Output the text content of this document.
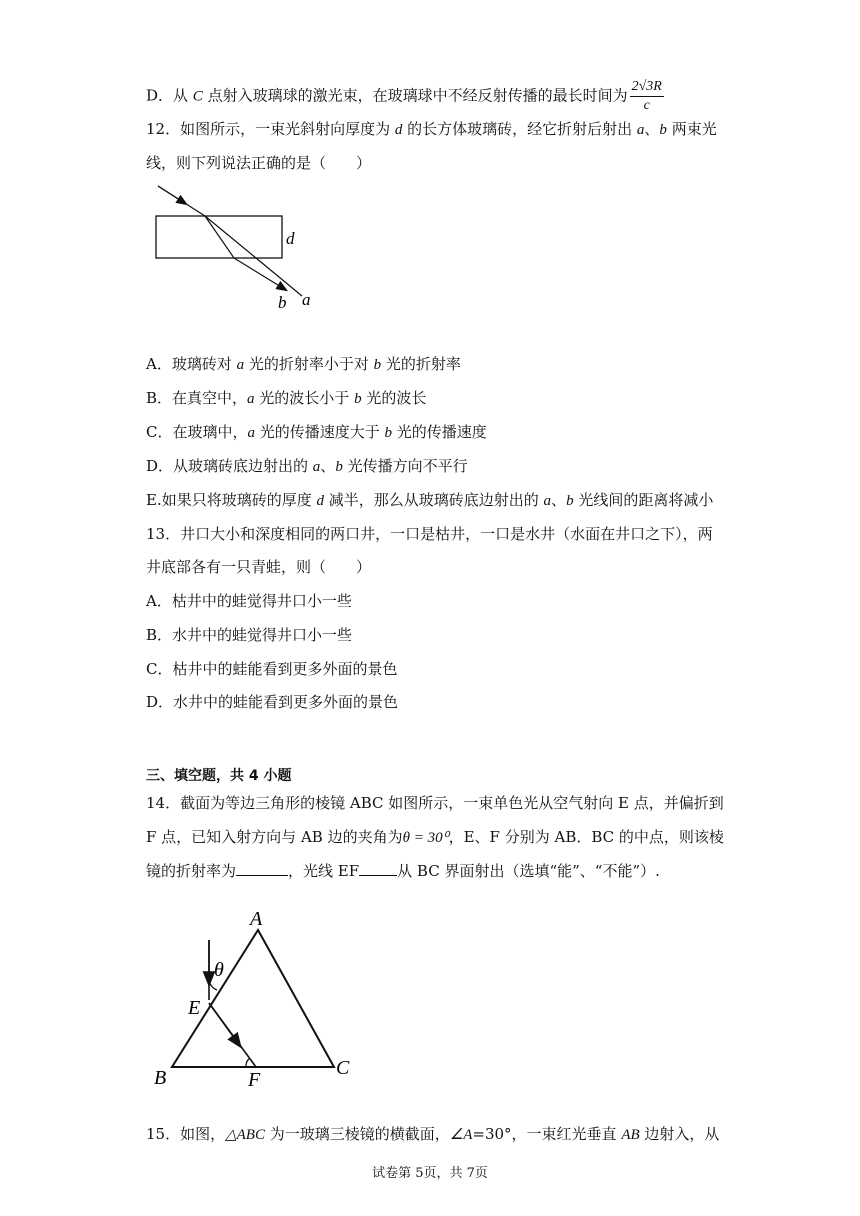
D．从 C 点射入玻璃球的激光束，在玻璃球中不经反射传播的最长时间为 $\frac{2√3R}{c}$
12．如图所示，一束光斜射向厚度为 d 的长方体玻璃砖，经它折射后射出 a、b 两束光
线，则下列说法正确的是（　　）
d
b a
A．玻璃砖对 a 光的折射率小于对 b 光的折射率
B．在真空中，a 光的波长小于 b 光的波长
C．在玻璃中，a 光的传播速度大于 b 光的传播速度
D．从玻璃砖底边射出的 a、b 光传播方向不平行
E.如果只将玻璃砖的厚度 d 减半，那么从玻璃砖底边射出的 a、b 光线间的距离将减小
13．井口大小和深度相同的两口井，一口是枯井，一口是水井（水面在井口之下），两
井底部各有一只青蛙，则（　　）
A．枯井中的蛙觉得井口小一些
B．水井中的蛙觉得井口小一些
C．枯井中的蛙能看到更多外面的景色
D．水井中的蛙能看到更多外面的景色
三、填空题，共 4 小题
14．截面为等边三角形的棱镜 ABC 如图所示，一束单色光从空气射向 E 点，并偏折到
F 点，已知入射方向与 AB 边的夹角为θ = 30⁰，E、F 分别为 AB．BC 的中点，则该棱
镜的折射率为	，光线 EF	从 BC 界面射出（选填“能”、“不能”）.
A
θ
E
B	F
C
15．如图，△ABC 为一玻璃三棱镜的横截面，∠A=30°，一束红光垂直 AB 边射入，从
试卷第 5页，共 7页
